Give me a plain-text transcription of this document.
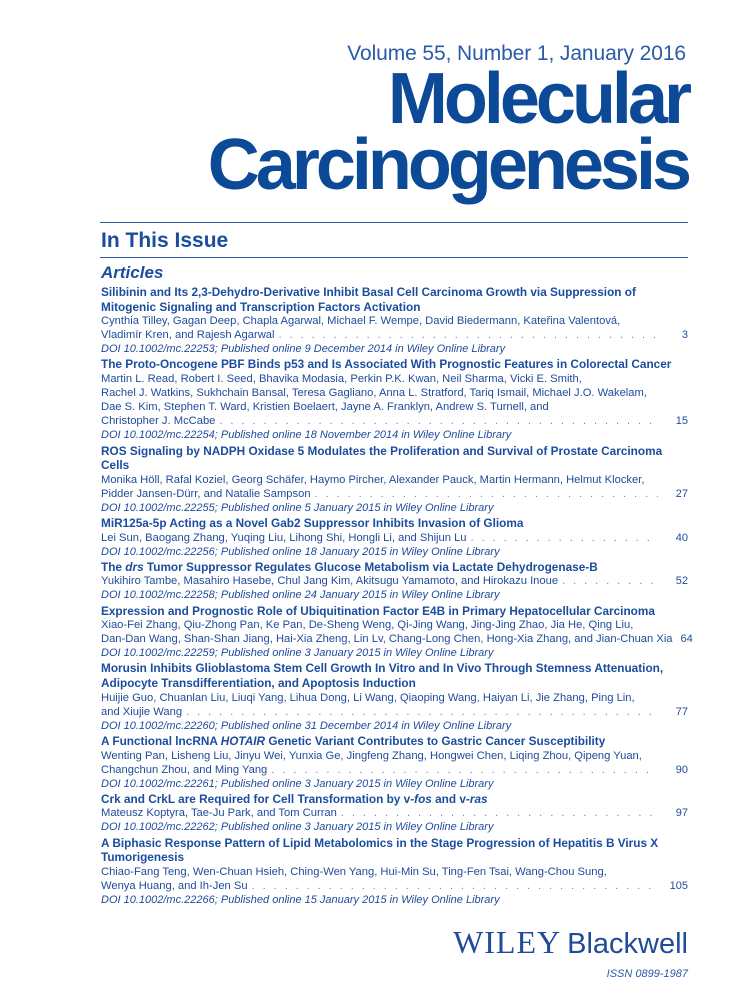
Volume 55, Number 1, January 2016
Molecular
Carcinogenesis
In This Issue
Articles
Silibinin and Its 2,3-Dehydro-Derivative Inhibit Basal Cell Carcinoma Growth via Suppression of Mitogenic Signaling and Transcription Factors Activation
Cynthia Tilley, Gagan Deep, Chapla Agarwal, Michael F. Wempe, David Biedermann, Kateřina Valentová,
Vladimír Kren, and Rajesh Agarwal . . .	3
DOI 10.1002/mc.22253; Published online 9 December 2014 in Wiley Online Library
The Proto-Oncogene PBF Binds p53 and Is Associated With Prognostic Features in Colorectal Cancer
Martin L. Read, Robert I. Seed, Bhavika Modasia, Perkin P.K. Kwan, Neil Sharma, Vicki E. Smith,
Rachel J. Watkins, Sukhchain Bansal, Teresa Gagliano, Anna L. Stratford, Tariq Ismail, Michael J.O. Wakelam,
Dae S. Kim, Stephen T. Ward, Kristien Boelaert, Jayne A. Franklyn, Andrew S. Turnell, and
Christopher J. McCabe . . .	15
DOI 10.1002/mc.22254; Published online 18 November 2014 in Wiley Online Library
ROS Signaling by NADPH Oxidase 5 Modulates the Proliferation and Survival of Prostate Carcinoma Cells
Monika Höll, Rafal Koziel, Georg Schäfer, Haymo Pircher, Alexander Pauck, Martin Hermann, Helmut Klocker,
Pidder Jansen-Dürr, and Natalie Sampson . . .	27
DOI 10.1002/mc.22255; Published online 5 January 2015 in Wiley Online Library
MiR125a-5p Acting as a Novel Gab2 Suppressor Inhibits Invasion of Glioma
Lei Sun, Baogang Zhang, Yuqing Liu, Lihong Shi, Hongli Li, and Shijun Lu . . .	40
DOI 10.1002/mc.22256; Published online 18 January 2015 in Wiley Online Library
The drs Tumor Suppressor Regulates Glucose Metabolism via Lactate Dehydrogenase-B
Yukihiro Tambe, Masahiro Hasebe, Chul Jang Kim, Akitsugu Yamamoto, and Hirokazu Inoue . . .	52
DOI 10.1002/mc.22258; Published online 24 January 2015 in Wiley Online Library
Expression and Prognostic Role of Ubiquitination Factor E4B in Primary Hepatocellular Carcinoma
Xiao-Fei Zhang, Qiu-Zhong Pan, Ke Pan, De-Sheng Weng, Qi-Jing Wang, Jing-Jing Zhao, Jia He, Qing Liu,
Dan-Dan Wang, Shan-Shan Jiang, Hai-Xia Zheng, Lin Lv, Chang-Long Chen, Hong-Xia Zhang, and Jian-Chuan Xia 64
DOI 10.1002/mc.22259; Published online 3 January 2015 in Wiley Online Library
Morusin Inhibits Glioblastoma Stem Cell Growth In Vitro and In Vivo Through Stemness Attenuation, Adipocyte Transdifferentiation, and Apoptosis Induction
Huijie Guo, Chuanlan Liu, Liuqi Yang, Lihua Dong, Li Wang, Qiaoping Wang, Haiyan Li, Jie Zhang, Ping Lin,
and Xiujie Wang . . .	77
DOI 10.1002/mc.22260; Published online 31 December 2014 in Wiley Online Library
A Functional lncRNA HOTAIR Genetic Variant Contributes to Gastric Cancer Susceptibility
Wenting Pan, Lisheng Liu, Jinyu Wei, Yunxia Ge, Jingfeng Zhang, Hongwei Chen, Liqing Zhou, Qipeng Yuan,
Changchun Zhou, and Ming Yang . . .	90
DOI 10.1002/mc.22261; Published online 3 January 2015 in Wiley Online Library
Crk and CrkL are Required for Cell Transformation by v-fos and v-ras
Mateusz Koptyra, Tae-Ju Park, and Tom Curran . . .	97
DOI 10.1002/mc.22262; Published online 3 January 2015 in Wiley Online Library
A Biphasic Response Pattern of Lipid Metabolomics in the Stage Progression of Hepatitis B Virus X Tumorigenesis
Chiao-Fang Teng, Wen-Chuan Hsieh, Ching-Wen Yang, Hui-Min Su, Ting-Fen Tsai, Wang-Chou Sung,
Wenya Huang, and Ih-Jen Su . . .	105
DOI 10.1002/mc.22266; Published online 15 January 2015 in Wiley Online Library
WILEY Blackwell
ISSN 0899-1987
